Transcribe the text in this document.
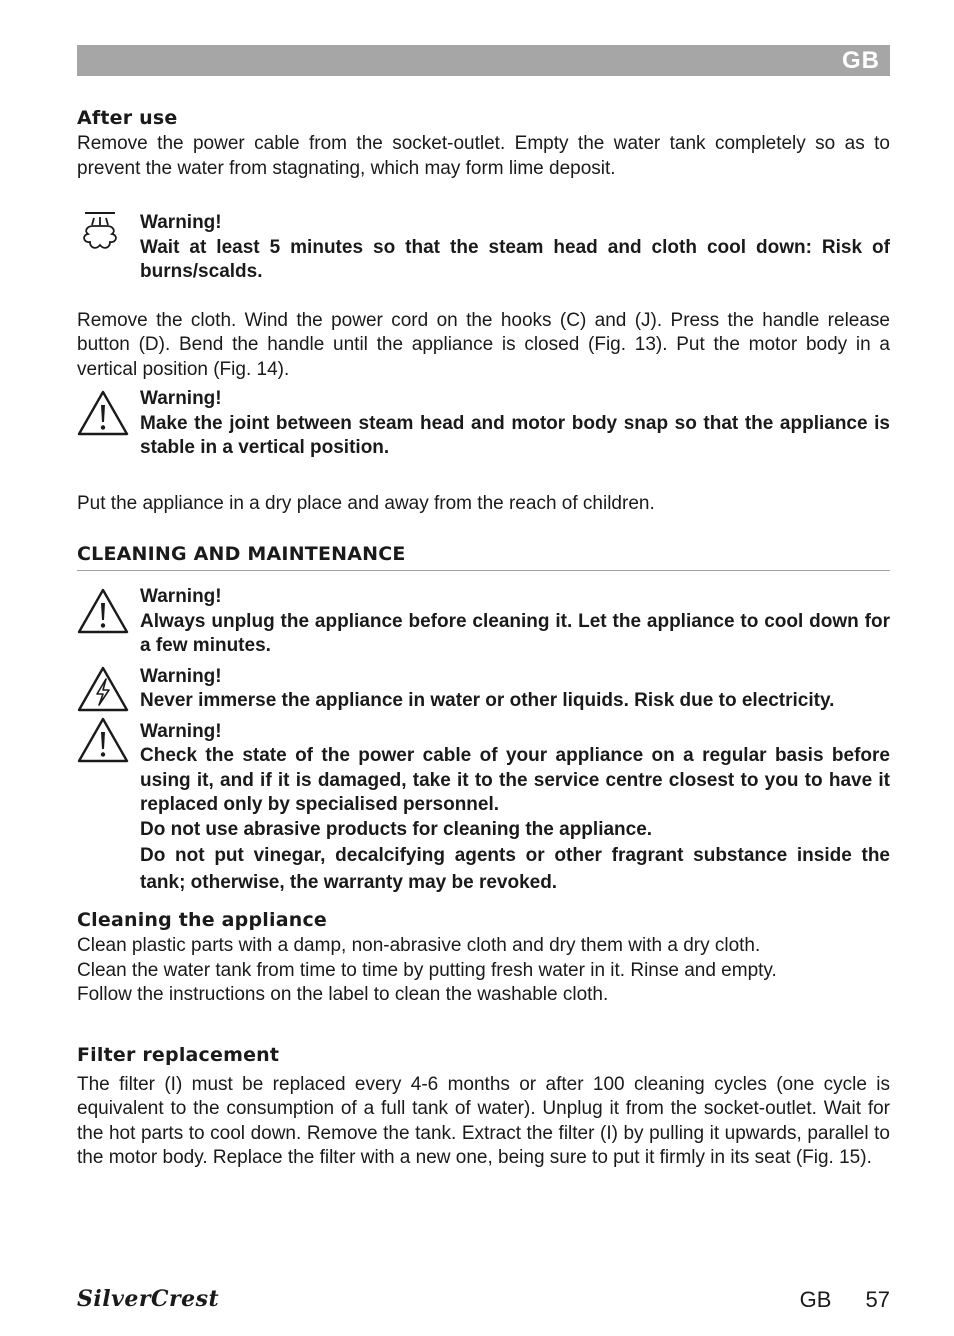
GB
After use

Remove the power cable from the socket-outlet. Empty the water tank completely so as to prevent the water from stagnating, which may form lime deposit.

Warning!

Wait at least 5 minutes so that the steam head and cloth cool down: Risk of burns/scalds.

Remove the cloth. Wind the power cord on the hooks (C) and (J). Press the handle release button (D). Bend the handle until the appliance is closed (Fig. 13). Put the motor body in a vertical position (Fig. 14).

Warning!

Make the joint between steam head and motor body snap so that the appliance is stable in a vertical position.

Put the appliance in a dry place and away from the reach of children.

CLEANING AND MAINTENANCE

Warning!

Always unplug the appliance before cleaning it. Let the appliance to cool down for a few minutes.

Warning!

Never immerse the appliance in water or other liquids. Risk due to electricity.

Warning!

Check the state of the power cable of your appliance on a regular basis before using it, and if it is damaged, take it to the service centre closest to you to have it replaced only by specialised personnel.

Do not use abrasive products for cleaning the appliance.

Do not put vinegar, decalcifying agents or other fragrant substance inside the tank; otherwise, the warranty may be revoked.

Cleaning the appliance

Clean plastic parts with a damp, non-abrasive cloth and dry them with a dry cloth.

Clean the water tank from time to time by putting fresh water in it. Rinse and empty.

Follow the instructions on the label to clean the washable cloth.

Filter replacement

The filter (I) must be replaced every 4-6 months or after 100 cleaning cycles (one cycle is equivalent to the consumption of a full tank of water). Unplug it from the socket-outlet. Wait for the hot parts to cool down. Remove the tank. Extract the filter (I) by pulling it upwards, parallel to the motor body. Replace the filter with a new one, being sure to put it firmly in its seat (Fig. 15).

SilverCrest	GB 57
